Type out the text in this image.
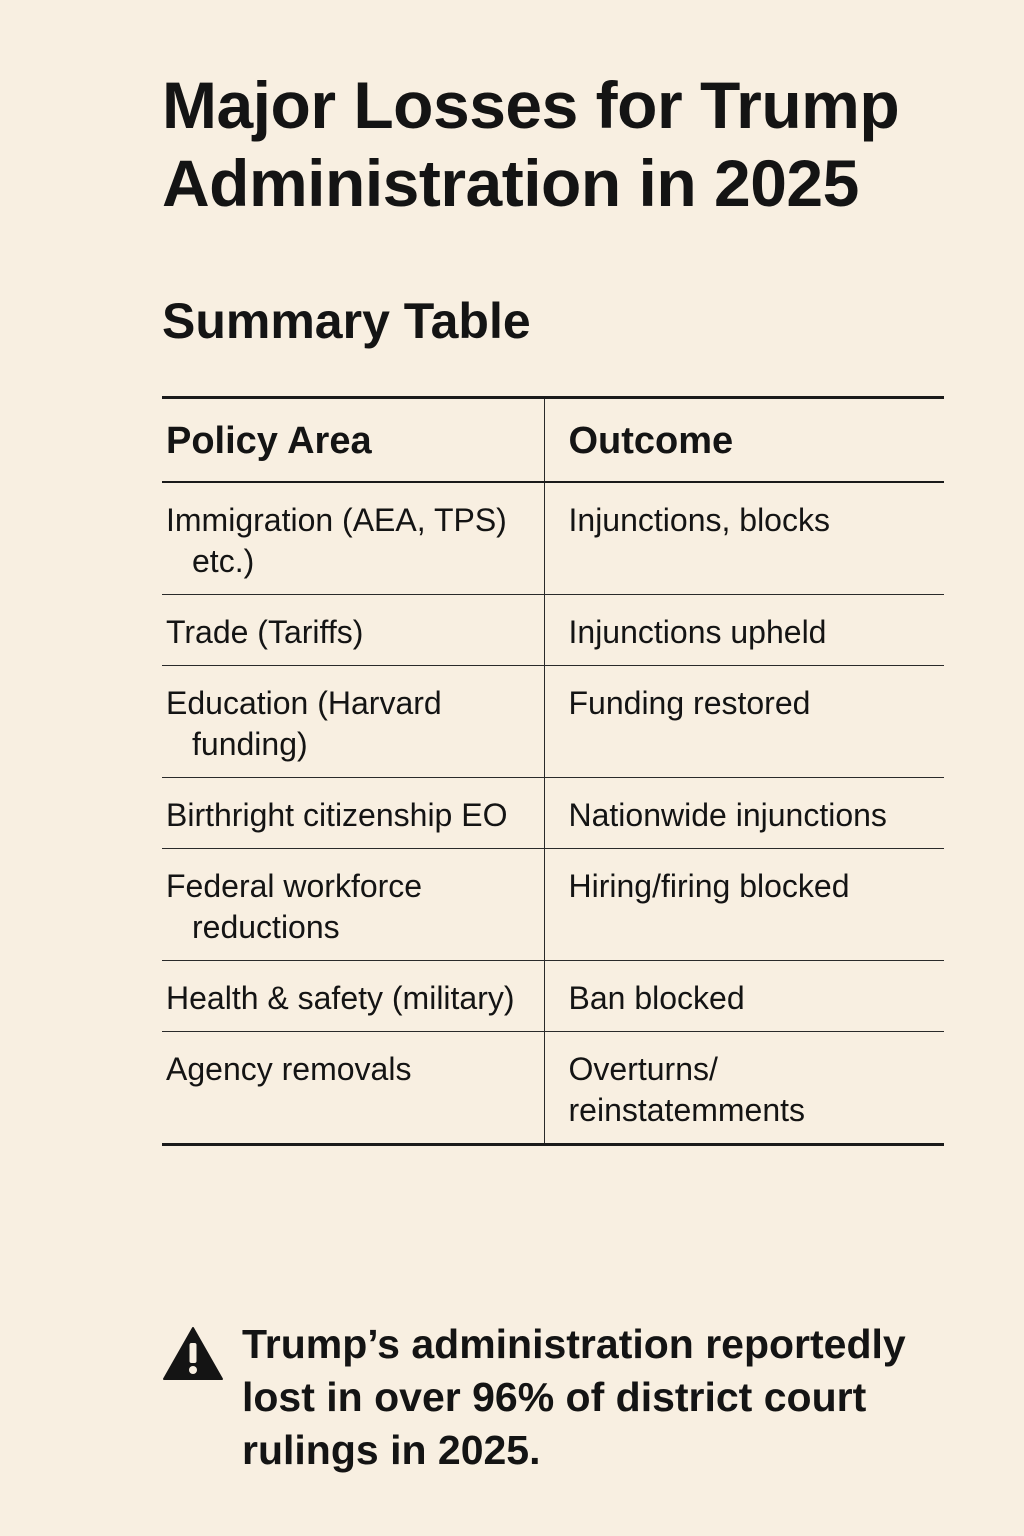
Major Losses for Trump Administration in 2025
Summary Table
Policy Area	Outcome
Immigration (AEA, TPS) etc.)	Injunctions, blocks
Trade (Tariffs)	Injunctions upheld
Education (Harvard funding)	Funding restored
Birthright citizenship EO	Nationwide injunctions
Federal workforce reductions	Hiring/firing blocked
Health & safety (military)	Ban blocked
Agency removals	Overturns/ reinstatemments
Trump’s administration reportedly lost in over 96% of district court rulings in 2025.
